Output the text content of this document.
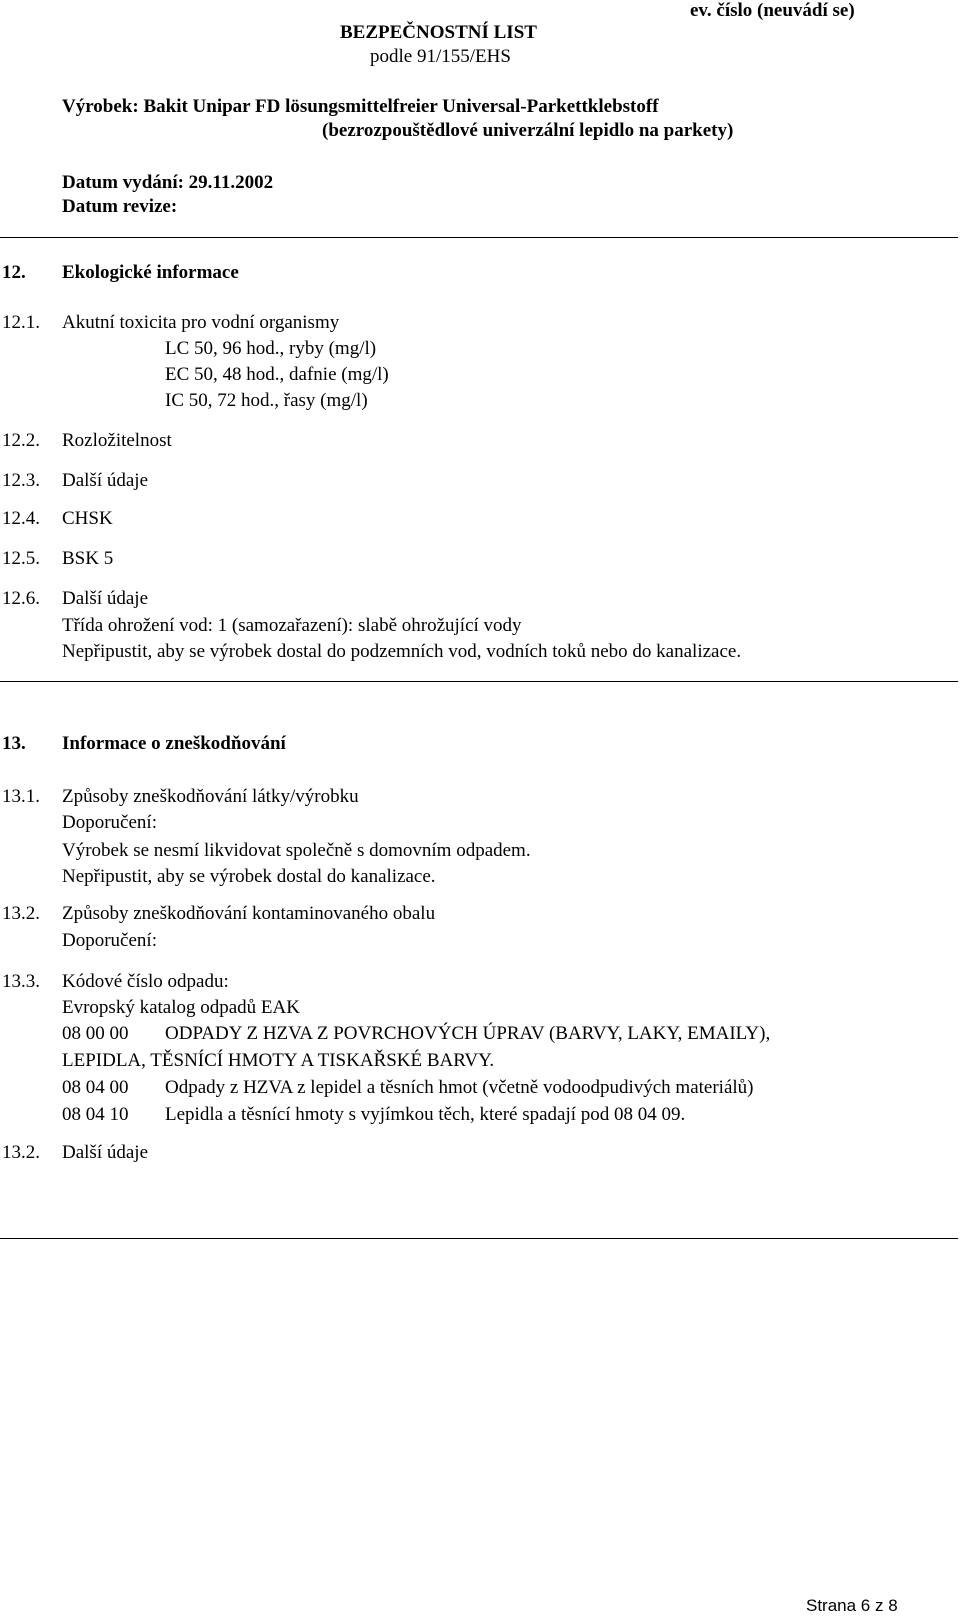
BEZPEČNOSTNÍ LIST
podle 91/155/EHS
ev. číslo (neuvádí se)
Výrobek: Bakit Unipar FD lösungsmittelfreier Universal-Parkettklebstoff
(bezrozpouštědlové univerzální lepidlo na parkety)
Datum vydání: 29.11.2002
Datum revize:
12. Ekologické informace
12.1. Akutní toxicita pro vodní organismy
LC 50, 96 hod., ryby (mg/l)
EC 50, 48 hod., dafnie (mg/l)
IC 50, 72 hod., řasy (mg/l)
12.2. Rozložitelnost
12.3. Další údaje
12.4. CHSK
12.5. BSK 5
12.6. Další údaje
Třída ohrožení vod: 1 (samozařazení): slabě ohrožující vody
Nepřipustit, aby se výrobek dostal do podzemních vod, vodních toků nebo do kanalizace.
13. Informace o zneškodňování
13.1. Způsoby zneškodňování látky/výrobku
Doporučení:
Výrobek se nesmí likvidovat společně s domovním odpadem.
Nepřipustit, aby se výrobek dostal do kanalizace.
13.2. Způsoby zneškodňování kontaminovaného obalu
Doporučení:
13.3. Kódové číslo odpadu:
Evropský katalog odpadů EAK
08 00 00 ODPADY Z HZVA Z POVRCHOVÝCH ÚPRAV (BARVY, LAKY, EMAILY),
LEPIDLA, TĚSNÍCÍ HMOTY A TISKAŘSKÉ BARVY.
08 04 00 Odpady z HZVA z lepidel a těsních hmot (včetně vodoodpudivých materiálů)
08 04 10 Lepidla a těsnící hmoty s vyjímkou těch, které spadají pod 08 04 09.
13.2. Další údaje
Strana 6 z 8
